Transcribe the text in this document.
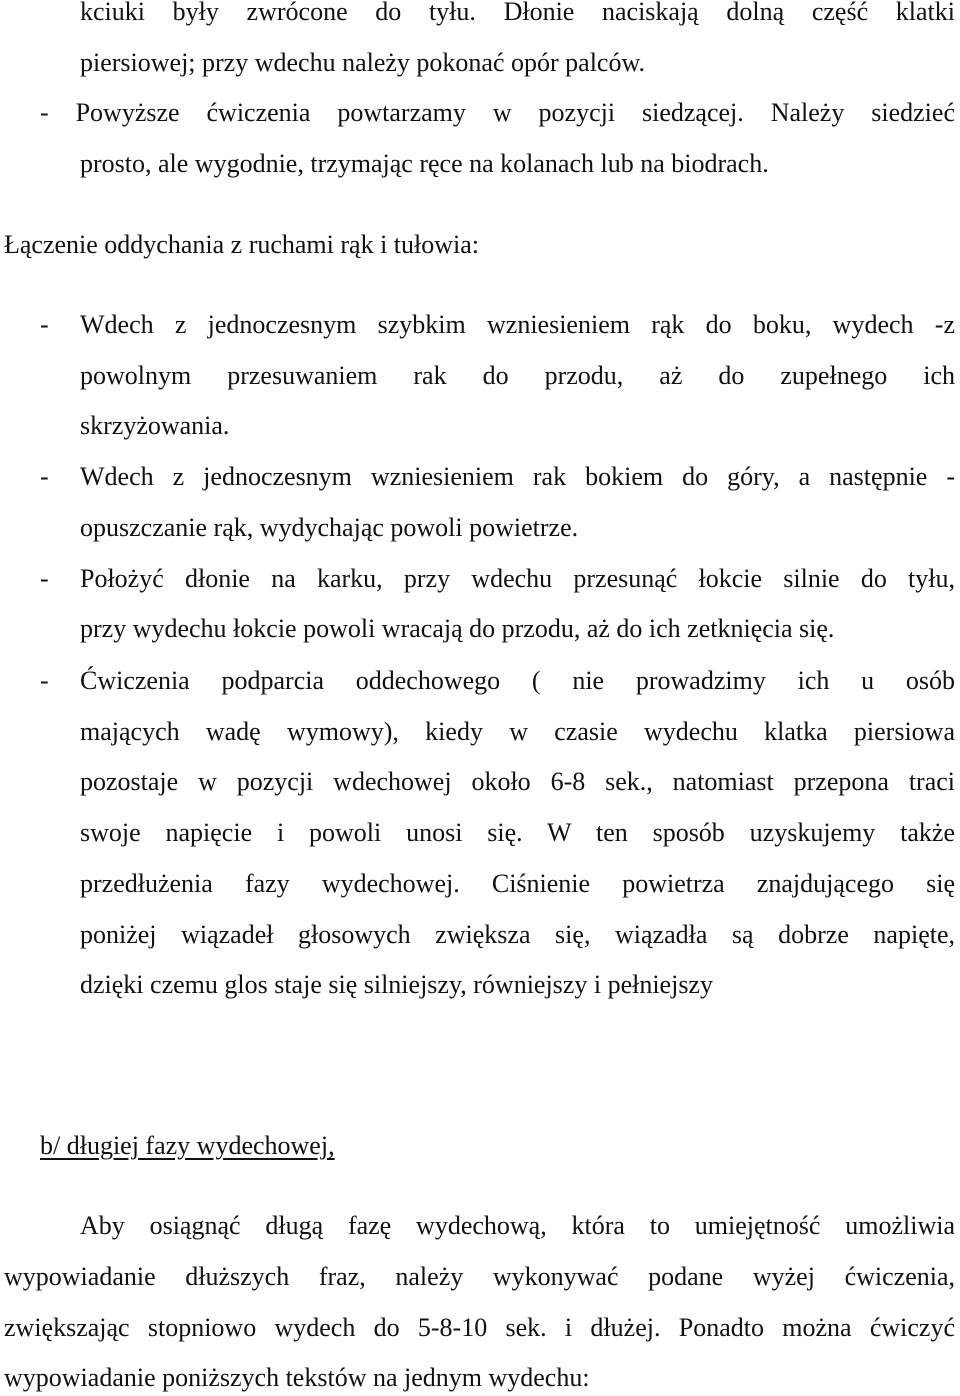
kciuki były zwrócone do tyłu. Dłonie naciskają dolną część klatki
piersiowej; przy wdechu należy pokonać opór palców.
- Powyższe ćwiczenia powtarzamy w pozycji siedzącej. Należy siedzieć
prosto, ale wygodnie, trzymając ręce na kolanach lub na biodrach.
Łączenie oddychania z ruchami rąk i tułowia:
- Wdech z jednoczesnym szybkim wzniesieniem rąk do boku, wydech -z
powolnym przesuwaniem rak do przodu, aż do zupełnego ich
skrzyżowania.
- Wdech z jednoczesnym wzniesieniem rak bokiem do góry, a następnie -
opuszczanie rąk, wydychając powoli powietrze.
- Położyć dłonie na karku, przy wdechu przesunąć łokcie silnie do tyłu,
przy wydechu łokcie powoli wracają do przodu, aż do ich zetknięcia się.
- Ćwiczenia podparcia oddechowego ( nie prowadzimy ich u osób
mających wadę wymowy), kiedy w czasie wydechu klatka piersiowa
pozostaje w pozycji wdechowej około 6-8 sek., natomiast przepona traci
swoje napięcie i powoli unosi się. W ten sposób uzyskujemy także
przedłużenia fazy wydechowej. Ciśnienie powietrza znajdującego się
poniżej wiązadeł głosowych zwiększa się, wiązadła są dobrze napięte,
dzięki czemu glos staje się silniejszy, równiejszy i pełniejszy
b/ długiej fazy wydechowej,
Aby osiągnąć długą fazę wydechową, która to umiejętność umożliwia
wypowiadanie dłuższych fraz, należy wykonywać podane wyżej ćwiczenia,
zwiększając stopniowo wydech do 5-8-10 sek. i dłużej. Ponadto można ćwiczyć
wypowiadanie poniższych tekstów na jednym wydechu:
